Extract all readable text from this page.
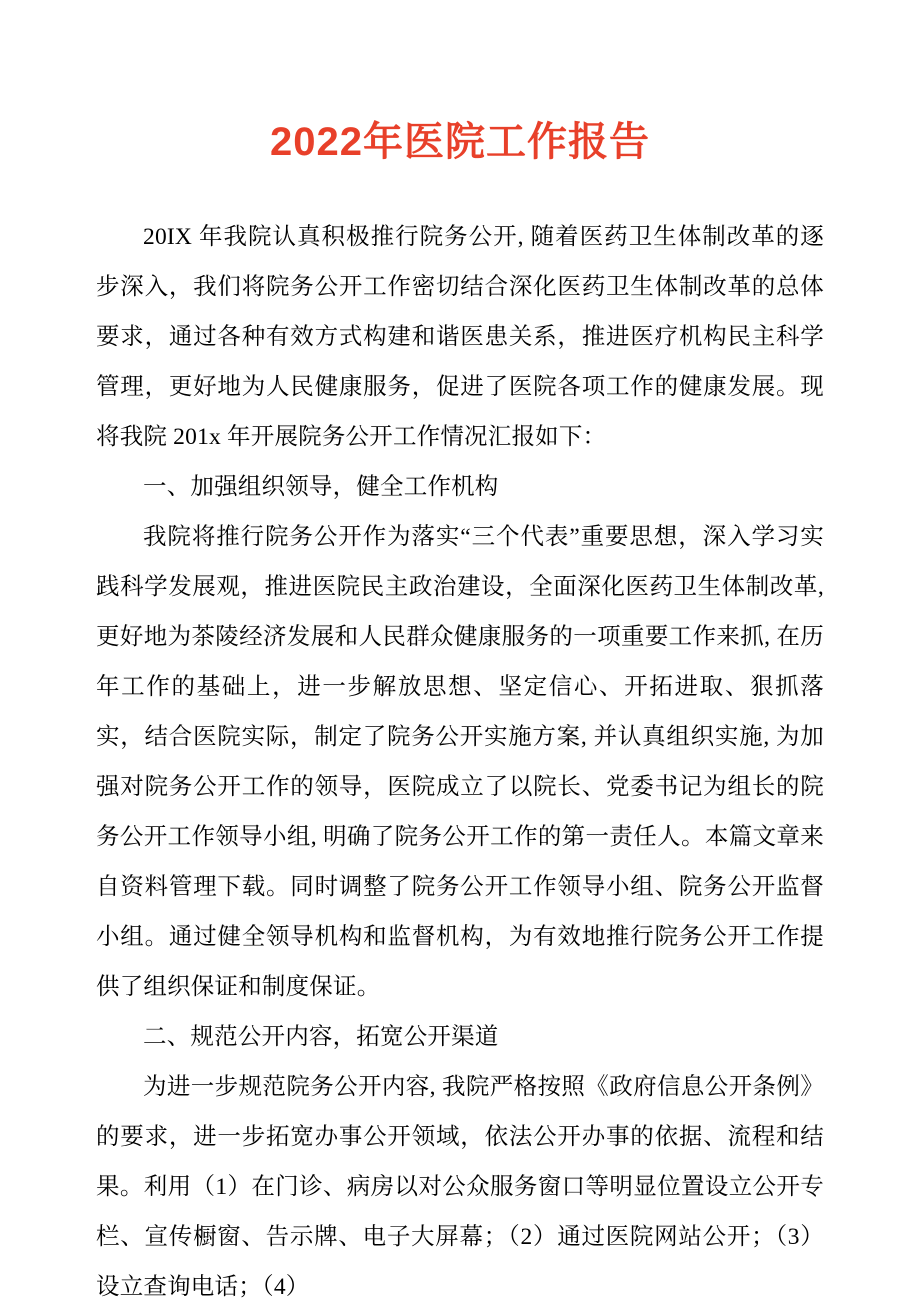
2022年医院工作报告

20IX 年我院认真积极推行院务公开, 随着医药卫生体制改革的逐步深入，我们将院务公开工作密切结合深化医药卫生体制改革的总体要求，通过各种有效方式构建和谐医患关系，推进医疗机构民主科学管理，更好地为人民健康服务，促进了医院各项工作的健康发展。现将我院 201x 年开展院务公开工作情况汇报如下：

一、加强组织领导，健全工作机构

我院将推行院务公开作为落实“三个代表”重要思想，深入学习实践科学发展观，推进医院民主政治建设，全面深化医药卫生体制改革, 更好地为茶陵经济发展和人民群众健康服务的一项重要工作来抓, 在历年工作的基础上，进一步解放思想、坚定信心、开拓进取、狠抓落实，结合医院实际，制定了院务公开实施方案, 并认真组织实施, 为加强对院务公开工作的领导，医院成立了以院长、党委书记为组长的院务公开工作领导小组, 明确了院务公开工作的第一责任人。本篇文章来自资料管理下载。同时调整了院务公开工作领导小组、院务公开监督小组。通过健全领导机构和监督机构，为有效地推行院务公开工作提供了组织保证和制度保证。

二、规范公开内容，拓宽公开渠道

为进一步规范院务公开内容, 我院严格按照《政府信息公开条例》的要求，进一步拓宽办事公开领域，依法公开办事的依据、流程和结果。利用（1）在门诊、病房以对公众服务窗口等明显位置设立公开专栏、宣传橱窗、告示牌、电子大屏幕；（2）通过医院网站公开；（3）设立查询电话；（4）
